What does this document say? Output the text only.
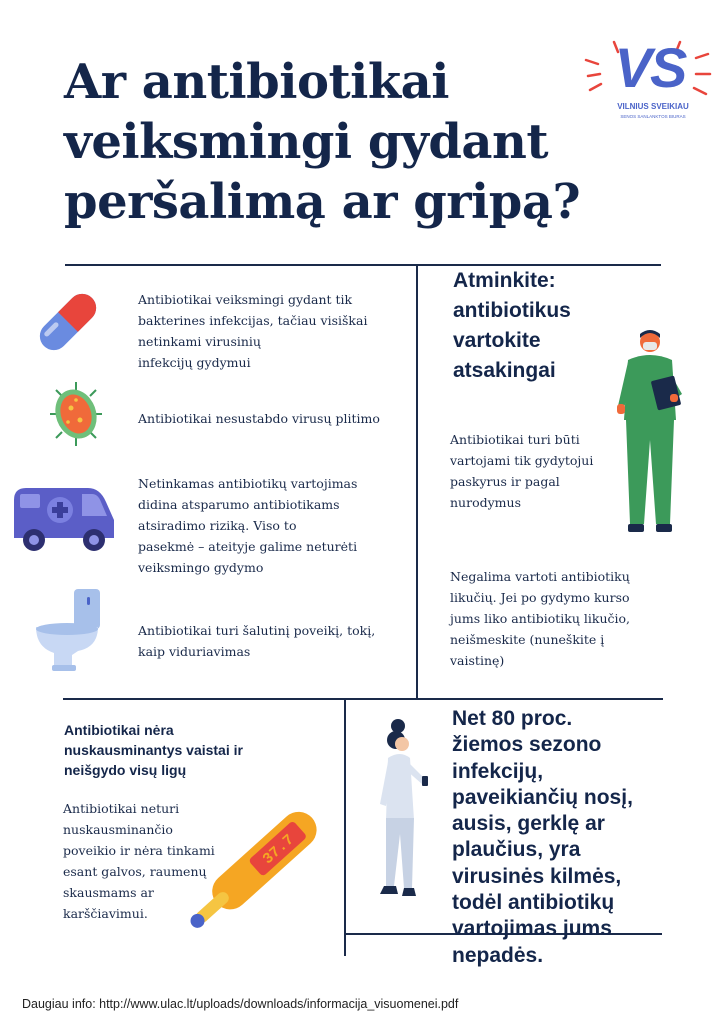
Ar antibiotikai
veiksmingi gydant
peršalimą ar gripą?
VS
VILNIUS SVEIKIAU
SENOS SANLANKTOS BIURAS
Antibiotikai veiksmingi gydant tik
bakterines infekcijas, tačiau visiškai
netinkami virusinių
infekcijų gydymui
Antibiotikai nesustabdo virusų plitimo
Netinkamas antibiotikų vartojimas
didina atsparumo antibiotikams
atsiradimo riziką. Viso to
pasekmė – ateityje galime neturėti
veiksmingo gydymo
Antibiotikai turi šalutinį poveikį, tokį,
kaip viduriavimas
Atminkite:
antibiotikus
vartokite
atsakingai
Antibiotikai turi būti
vartojami tik gydytojui
paskyrus ir pagal
nurodymus
Negalima vartoti antibiotikų
likučių. Jei po gydymo kurso
jums liko antibiotikų likučio,
neišmeskite (nuneškite į
vaistinę)
Antibiotikai nėra
nuskausminantys vaistai ir
neišgydo visų ligų
Antibiotikai neturi
nuskausminančio
poveikio ir nėra tinkami
esant galvos, raumenų
skausmams ar
karščiavimui.
37.7
Net 80 proc.
žiemos sezono
infekcijų,
paveikiančių nosį,
ausis, gerklę ar
plaučius, yra
virusinės kilmės,
todėl antibiotikų
vartojimas jums
nepadės.
Daugiau info: http://www.ulac.lt/uploads/downloads/informacija_visuomenei.pdf
